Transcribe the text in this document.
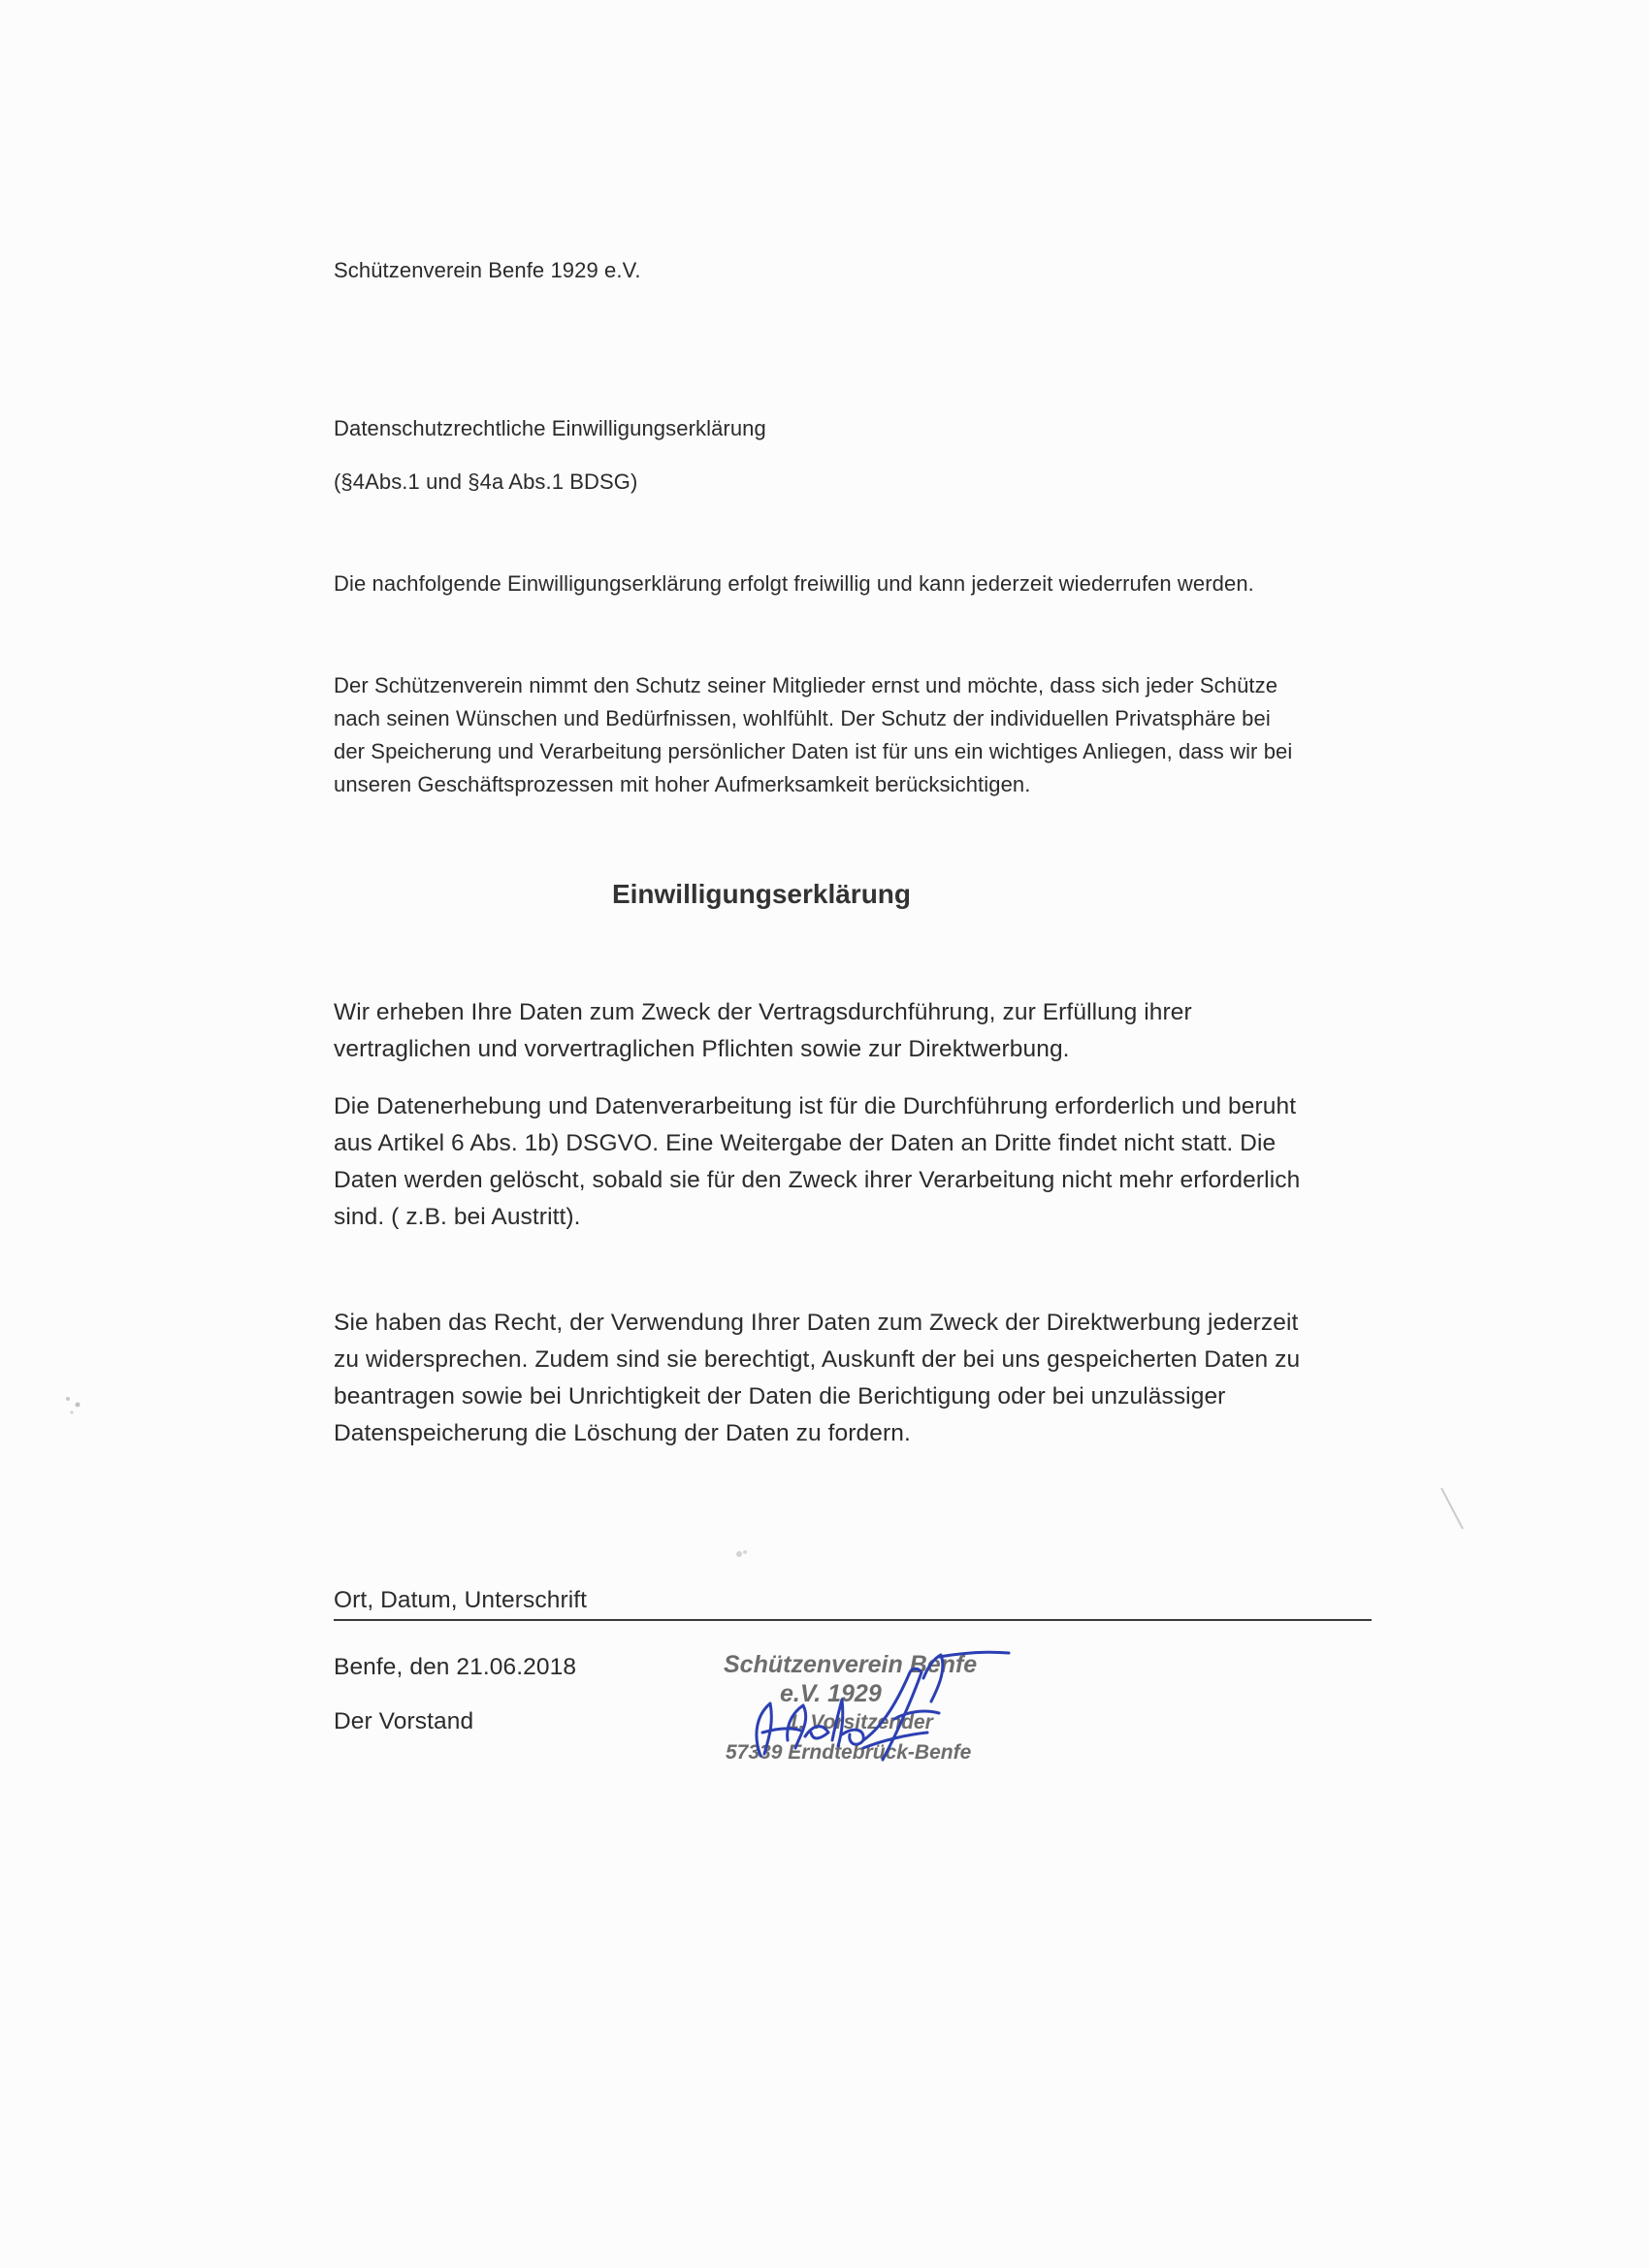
Schützenverein Benfe 1929 e.V.
Datenschutzrechtliche Einwilligungserklärung
(§4Abs.1 und §4a Abs.1 BDSG)
Die nachfolgende Einwilligungserklärung erfolgt freiwillig und kann jederzeit wiederrufen werden.

Der Schützenverein nimmt den Schutz seiner Mitglieder ernst und möchte, dass sich jeder Schütze

nach seinen Wünschen und Bedürfnissen, wohlfühlt. Der Schutz der individuellen Privatsphäre bei

der Speicherung und Verarbeitung persönlicher Daten ist für uns ein wichtiges Anliegen, dass wir bei

unseren Geschäftsprozessen mit hoher Aufmerksamkeit berücksichtigen.

Einwilligungserklärung

Wir erheben Ihre Daten zum Zweck der Vertragsdurchführung, zur Erfüllung ihrer

vertraglichen und vorvertraglichen Pflichten sowie zur Direktwerbung.

Die Datenerhebung und Datenverarbeitung ist für die Durchführung erforderlich und beruht

aus Artikel 6 Abs. 1b) DSGVO. Eine Weitergabe der Daten an Dritte findet nicht statt. Die

Daten werden gelöscht, sobald sie für den Zweck ihrer Verarbeitung nicht mehr erforderlich

sind. ( z.B. bei Austritt).

Sie haben das Recht, der Verwendung Ihrer Daten zum Zweck der Direktwerbung jederzeit

zu widersprechen. Zudem sind sie berechtigt, Auskunft der bei uns gespeicherten Daten zu

beantragen sowie bei Unrichtigkeit der Daten die Berichtigung oder bei unzulässiger

Datenspeicherung die Löschung der Daten zu fordern.

Ort, Datum, Unterschrift
Benfe, den 21.06.2018
Der Vorstand
Schützenverein Benfe
e.V. 1929
1. Vorsitzender
57339 Erndtebrück-Benfe
